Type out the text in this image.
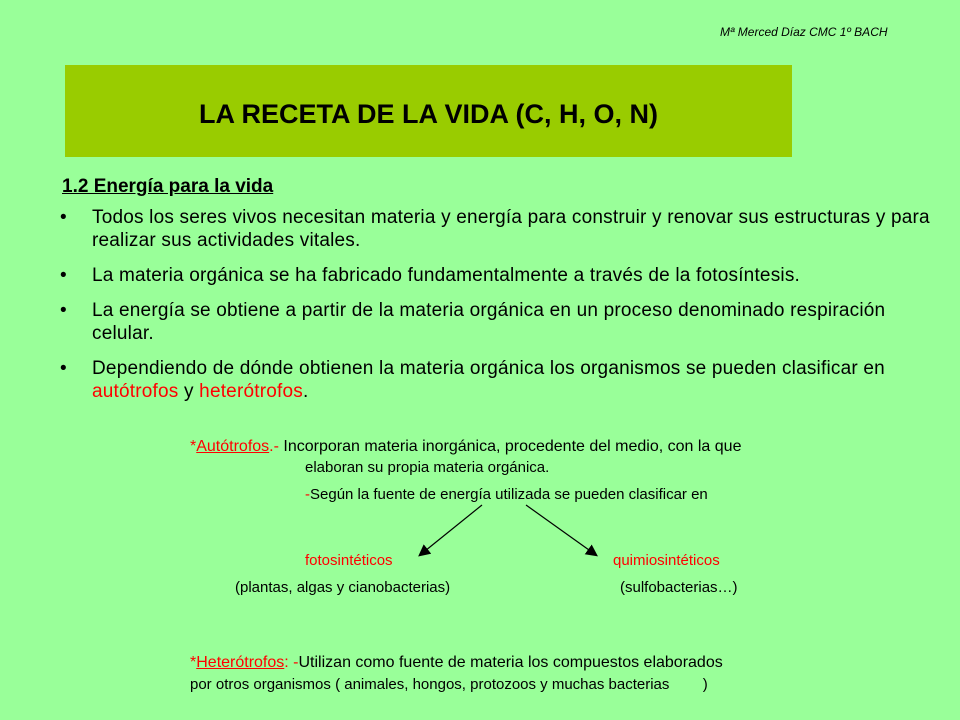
Mª Merced Díaz CMC 1º BACH
LA RECETA DE LA VIDA (C, H, O, N)
1.2 Energía para la vida
• Todos los seres vivos necesitan materia y energía para construir y renovar sus estructuras y para realizar sus actividades vitales.
• La materia orgánica se ha fabricado fundamentalmente a través de la fotosíntesis.
• La energía se obtiene a partir de la materia orgánica en un proceso denominado respiración celular.
• Dependiendo de dónde obtienen la materia orgánica los organismos se pueden clasificar en autótrofos y heterótrofos.
*Autótrofos.- Incorporan materia inorgánica, procedente del medio, con la que
elaboran su propia materia orgánica.
-Según la fuente de energía utilizada se pueden clasificar en
fotosintéticos	quimiosintéticos
(plantas, algas y cianobacterias)	(sulfobacterias…)
*Heterótrofos: -Utilizan como fuente de materia los compuestos elaborados
por otros organismos ( animales, hongos, protozoos y muchas bacterias        )
